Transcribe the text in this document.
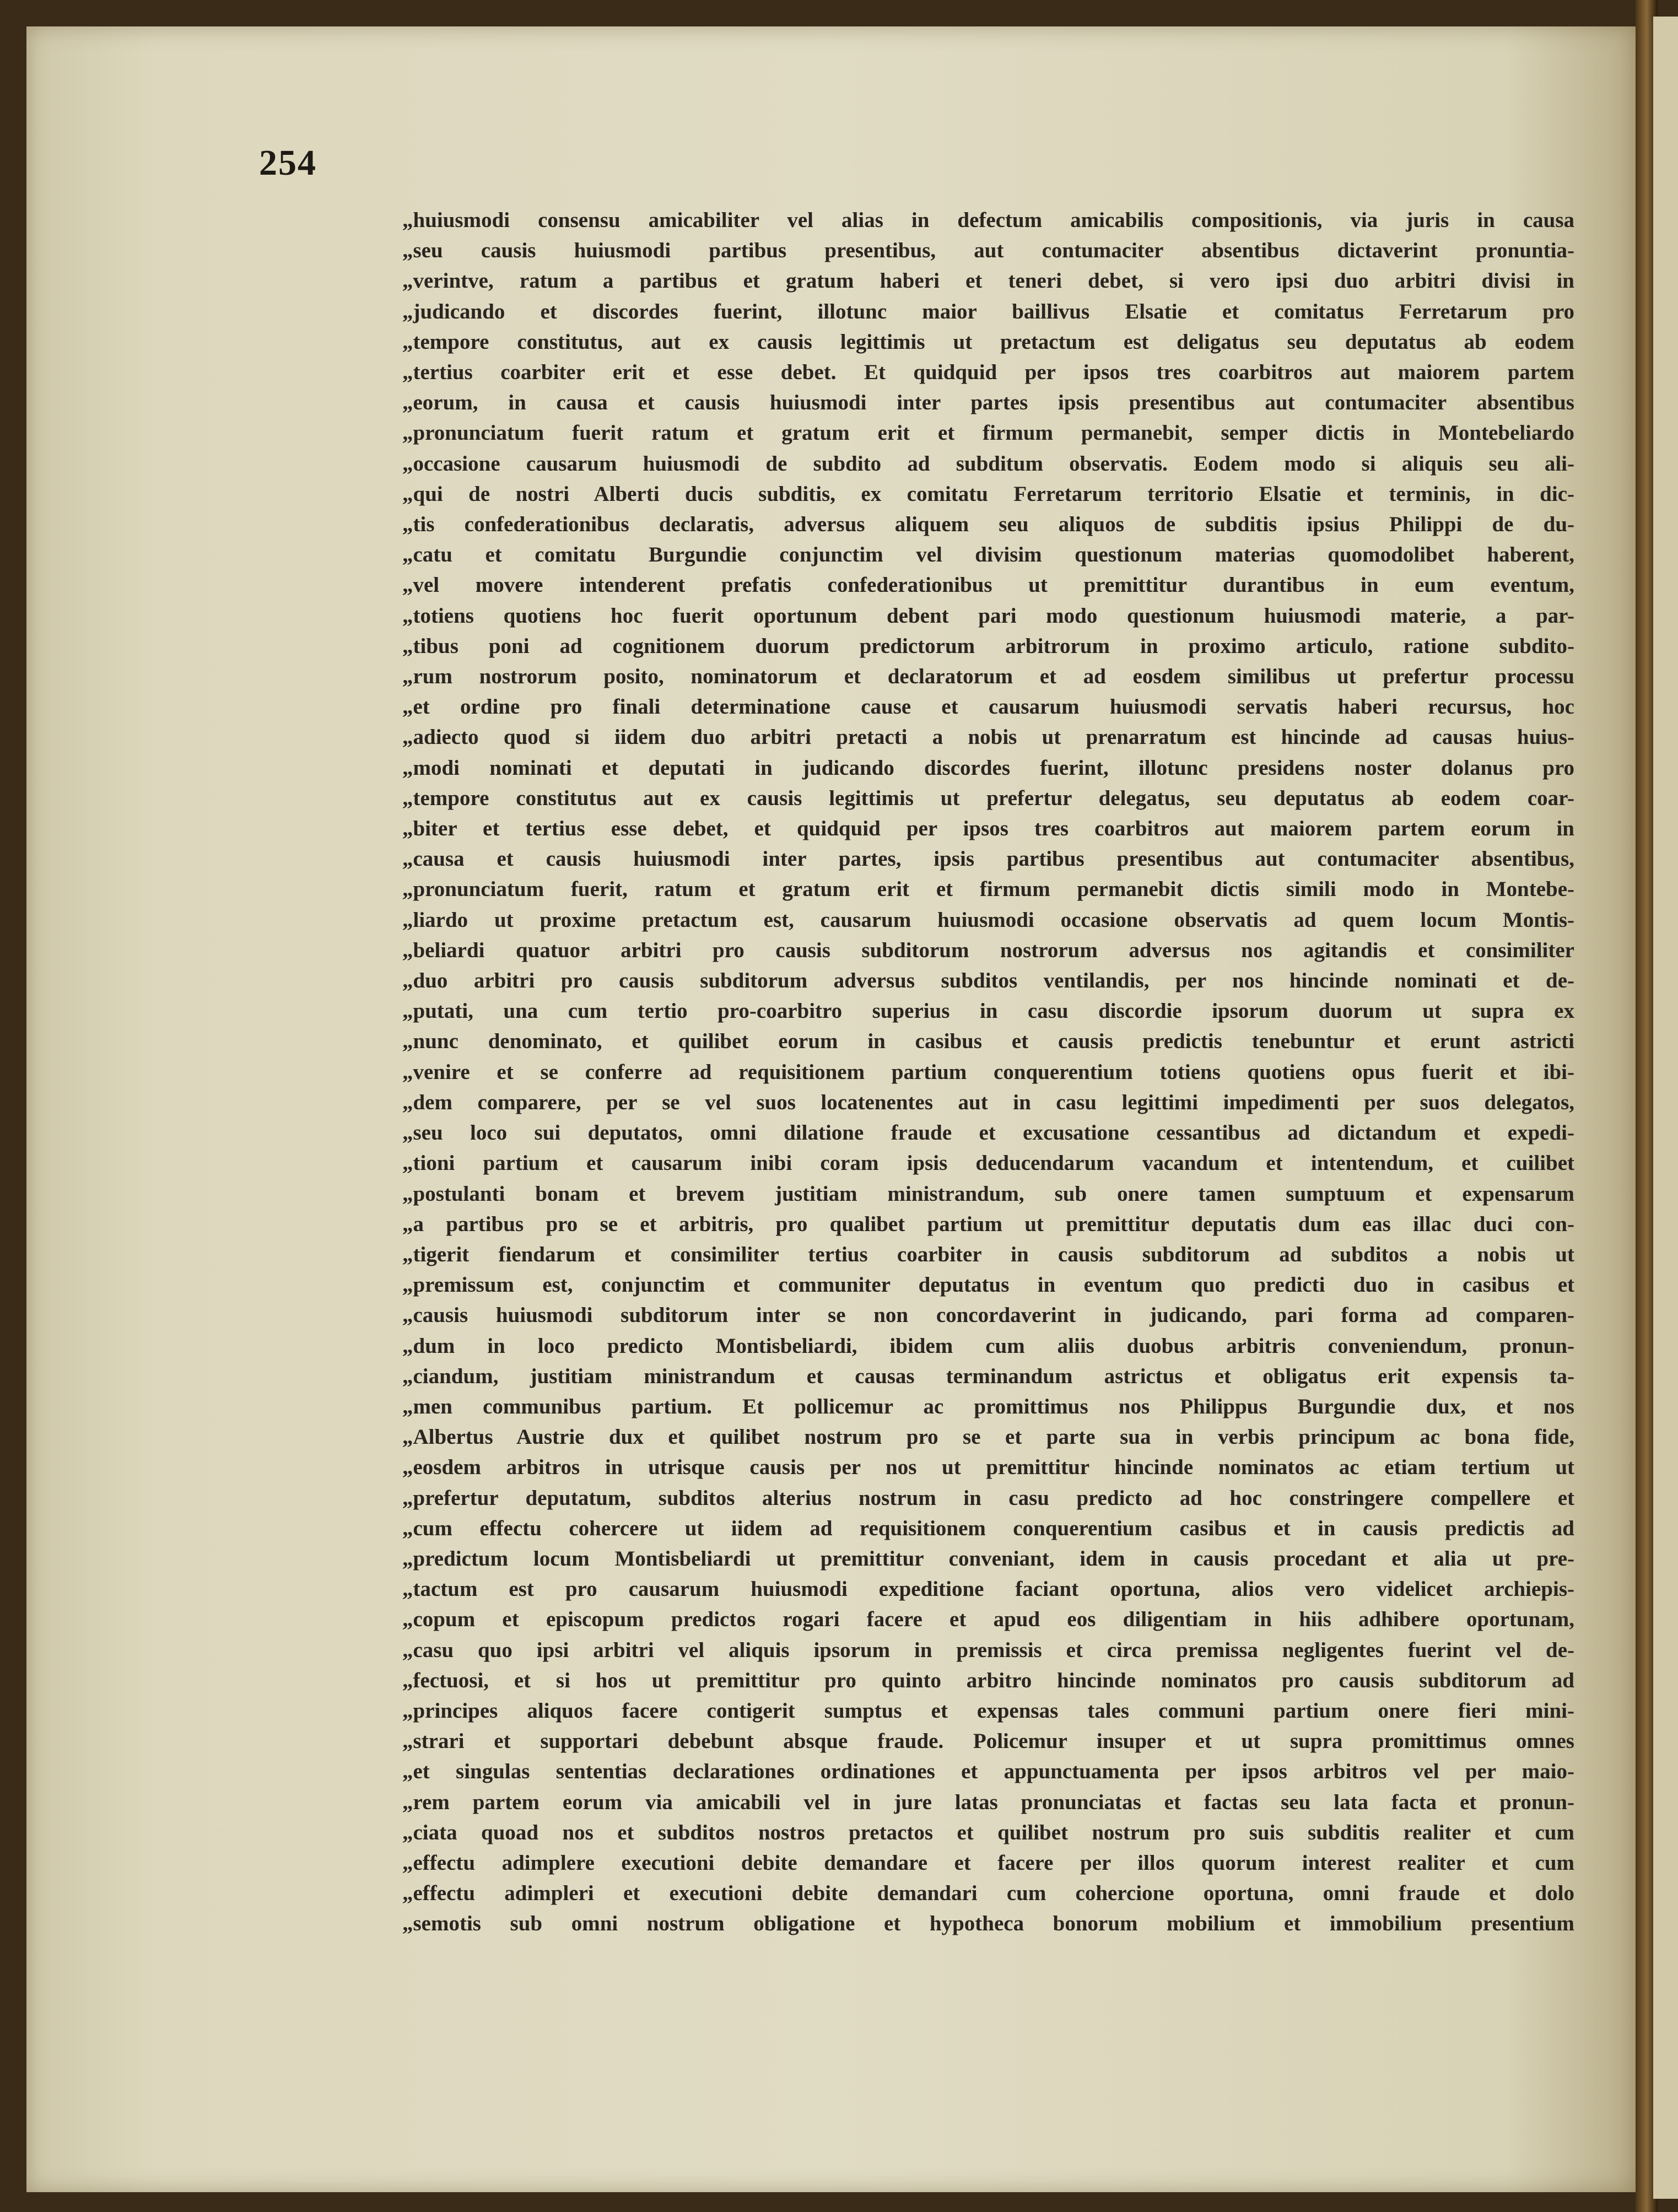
254
„huiusmodi consensu amicabiliter vel alias in defectum amicabilis compositionis, via juris in causa
„seu causis huiusmodi partibus presentibus, aut contumaciter absentibus dictaverint pronuntia-
„verintve, ratum a partibus et gratum haberi et teneri debet, si vero ipsi duo arbitri divisi in
„judicando et discordes fuerint, illotunc maior baillivus Elsatie et comitatus Ferretarum pro
„tempore constitutus, aut ex causis legittimis ut pretactum est deligatus seu deputatus ab eodem
„tertius coarbiter erit et esse debet. Et quidquid per ipsos tres coarbitros aut maiorem partem
„eorum, in causa et causis huiusmodi inter partes ipsis presentibus aut contumaciter absentibus
„pronunciatum fuerit ratum et gratum erit et firmum permanebit, semper dictis in Montebeliardo
„occasione causarum huiusmodi de subdito ad subditum observatis. Eodem modo si aliquis seu ali-
„qui de nostri Alberti ducis subditis, ex comitatu Ferretarum territorio Elsatie et terminis, in dic-
„tis confederationibus declaratis, adversus aliquem seu aliquos de subditis ipsius Philippi de du-
„catu et comitatu Burgundie conjunctim vel divisim questionum materias quomodolibet haberent,
„vel movere intenderent prefatis confederationibus ut premittitur durantibus in eum eventum,
„totiens quotiens hoc fuerit oportunum debent pari modo questionum huiusmodi materie, a par-
„tibus poni ad cognitionem duorum predictorum arbitrorum in proximo articulo, ratione subdito-
„rum nostrorum posito, nominatorum et declaratorum et ad eosdem similibus ut prefertur processu
„et ordine pro finali determinatione cause et causarum huiusmodi servatis haberi recursus, hoc
„adiecto quod si iidem duo arbitri pretacti a nobis ut prenarratum est hincinde ad causas huius-
„modi nominati et deputati in judicando discordes fuerint, illotunc presidens noster dolanus pro
„tempore constitutus aut ex causis legittimis ut prefertur delegatus, seu deputatus ab eodem coar-
„biter et tertius esse debet, et quidquid per ipsos tres coarbitros aut maiorem partem eorum in
„causa et causis huiusmodi inter partes, ipsis partibus presentibus aut contumaciter absentibus,
„pronunciatum fuerit, ratum et gratum erit et firmum permanebit dictis simili modo in Montebe-
„liardo ut proxime pretactum est, causarum huiusmodi occasione observatis ad quem locum Montis-
„beliardi quatuor arbitri pro causis subditorum nostrorum adversus nos agitandis et consimiliter
„duo arbitri pro causis subditorum adversus subditos ventilandis, per nos hincinde nominati et de-
„putati, una cum tertio pro-coarbitro superius in casu discordie ipsorum duorum ut supra ex
„nunc denominato, et quilibet eorum in casibus et causis predictis tenebuntur et erunt astricti
„venire et se conferre ad requisitionem partium conquerentium totiens quotiens opus fuerit et ibi-
„dem comparere, per se vel suos locatenentes aut in casu legittimi impedimenti per suos delegatos,
„seu loco sui deputatos, omni dilatione fraude et excusatione cessantibus ad dictandum et expedi-
„tioni partium et causarum inibi coram ipsis deducendarum vacandum et intentendum, et cuilibet
„postulanti bonam et brevem justitiam ministrandum, sub onere tamen sumptuum et expensarum
„a partibus pro se et arbitris, pro qualibet partium ut premittitur deputatis dum eas illac duci con-
„tigerit fiendarum et consimiliter tertius coarbiter in causis subditorum ad subditos a nobis ut
„premissum est, conjunctim et communiter deputatus in eventum quo predicti duo in casibus et
„causis huiusmodi subditorum inter se non concordaverint in judicando, pari forma ad comparen-
„dum in loco predicto Montisbeliardi, ibidem cum aliis duobus arbitris conveniendum, pronun-
„ciandum, justitiam ministrandum et causas terminandum astrictus et obligatus erit expensis ta-
„men communibus partium. Et pollicemur ac promittimus nos Philippus Burgundie dux, et nos
„Albertus Austrie dux et quilibet nostrum pro se et parte sua in verbis principum ac bona fide,
„eosdem arbitros in utrisque causis per nos ut premittitur hincinde nominatos ac etiam tertium ut
„prefertur deputatum, subditos alterius nostrum in casu predicto ad hoc constringere compellere et
„cum effectu cohercere ut iidem ad requisitionem conquerentium casibus et in causis predictis ad
„predictum locum Montisbeliardi ut premittitur conveniant, idem in causis procedant et alia ut pre-
„tactum est pro causarum huiusmodi expeditione faciant oportuna, alios vero videlicet archiepis-
„copum et episcopum predictos rogari facere et apud eos diligentiam in hiis adhibere oportunam,
„casu quo ipsi arbitri vel aliquis ipsorum in premissis et circa premissa negligentes fuerint vel de-
„fectuosi, et si hos ut premittitur pro quinto arbitro hincinde nominatos pro causis subditorum ad
„principes aliquos facere contigerit sumptus et expensas tales communi partium onere fieri mini-
„strari et supportari debebunt absque fraude. Policemur insuper et ut supra promittimus omnes
„et singulas sententias declarationes ordinationes et appunctuamenta per ipsos arbitros vel per maio-
„rem partem eorum via amicabili vel in jure latas pronunciatas et factas seu lata facta et pronun-
„ciata quoad nos et subditos nostros pretactos et quilibet nostrum pro suis subditis realiter et cum
„effectu adimplere executioni debite demandare et facere per illos quorum interest realiter et cum
„effectu adimpleri et executioni debite demandari cum cohercione oportuna, omni fraude et dolo
„semotis sub omni nostrum obligatione et hypotheca bonorum mobilium et immobilium presentium
